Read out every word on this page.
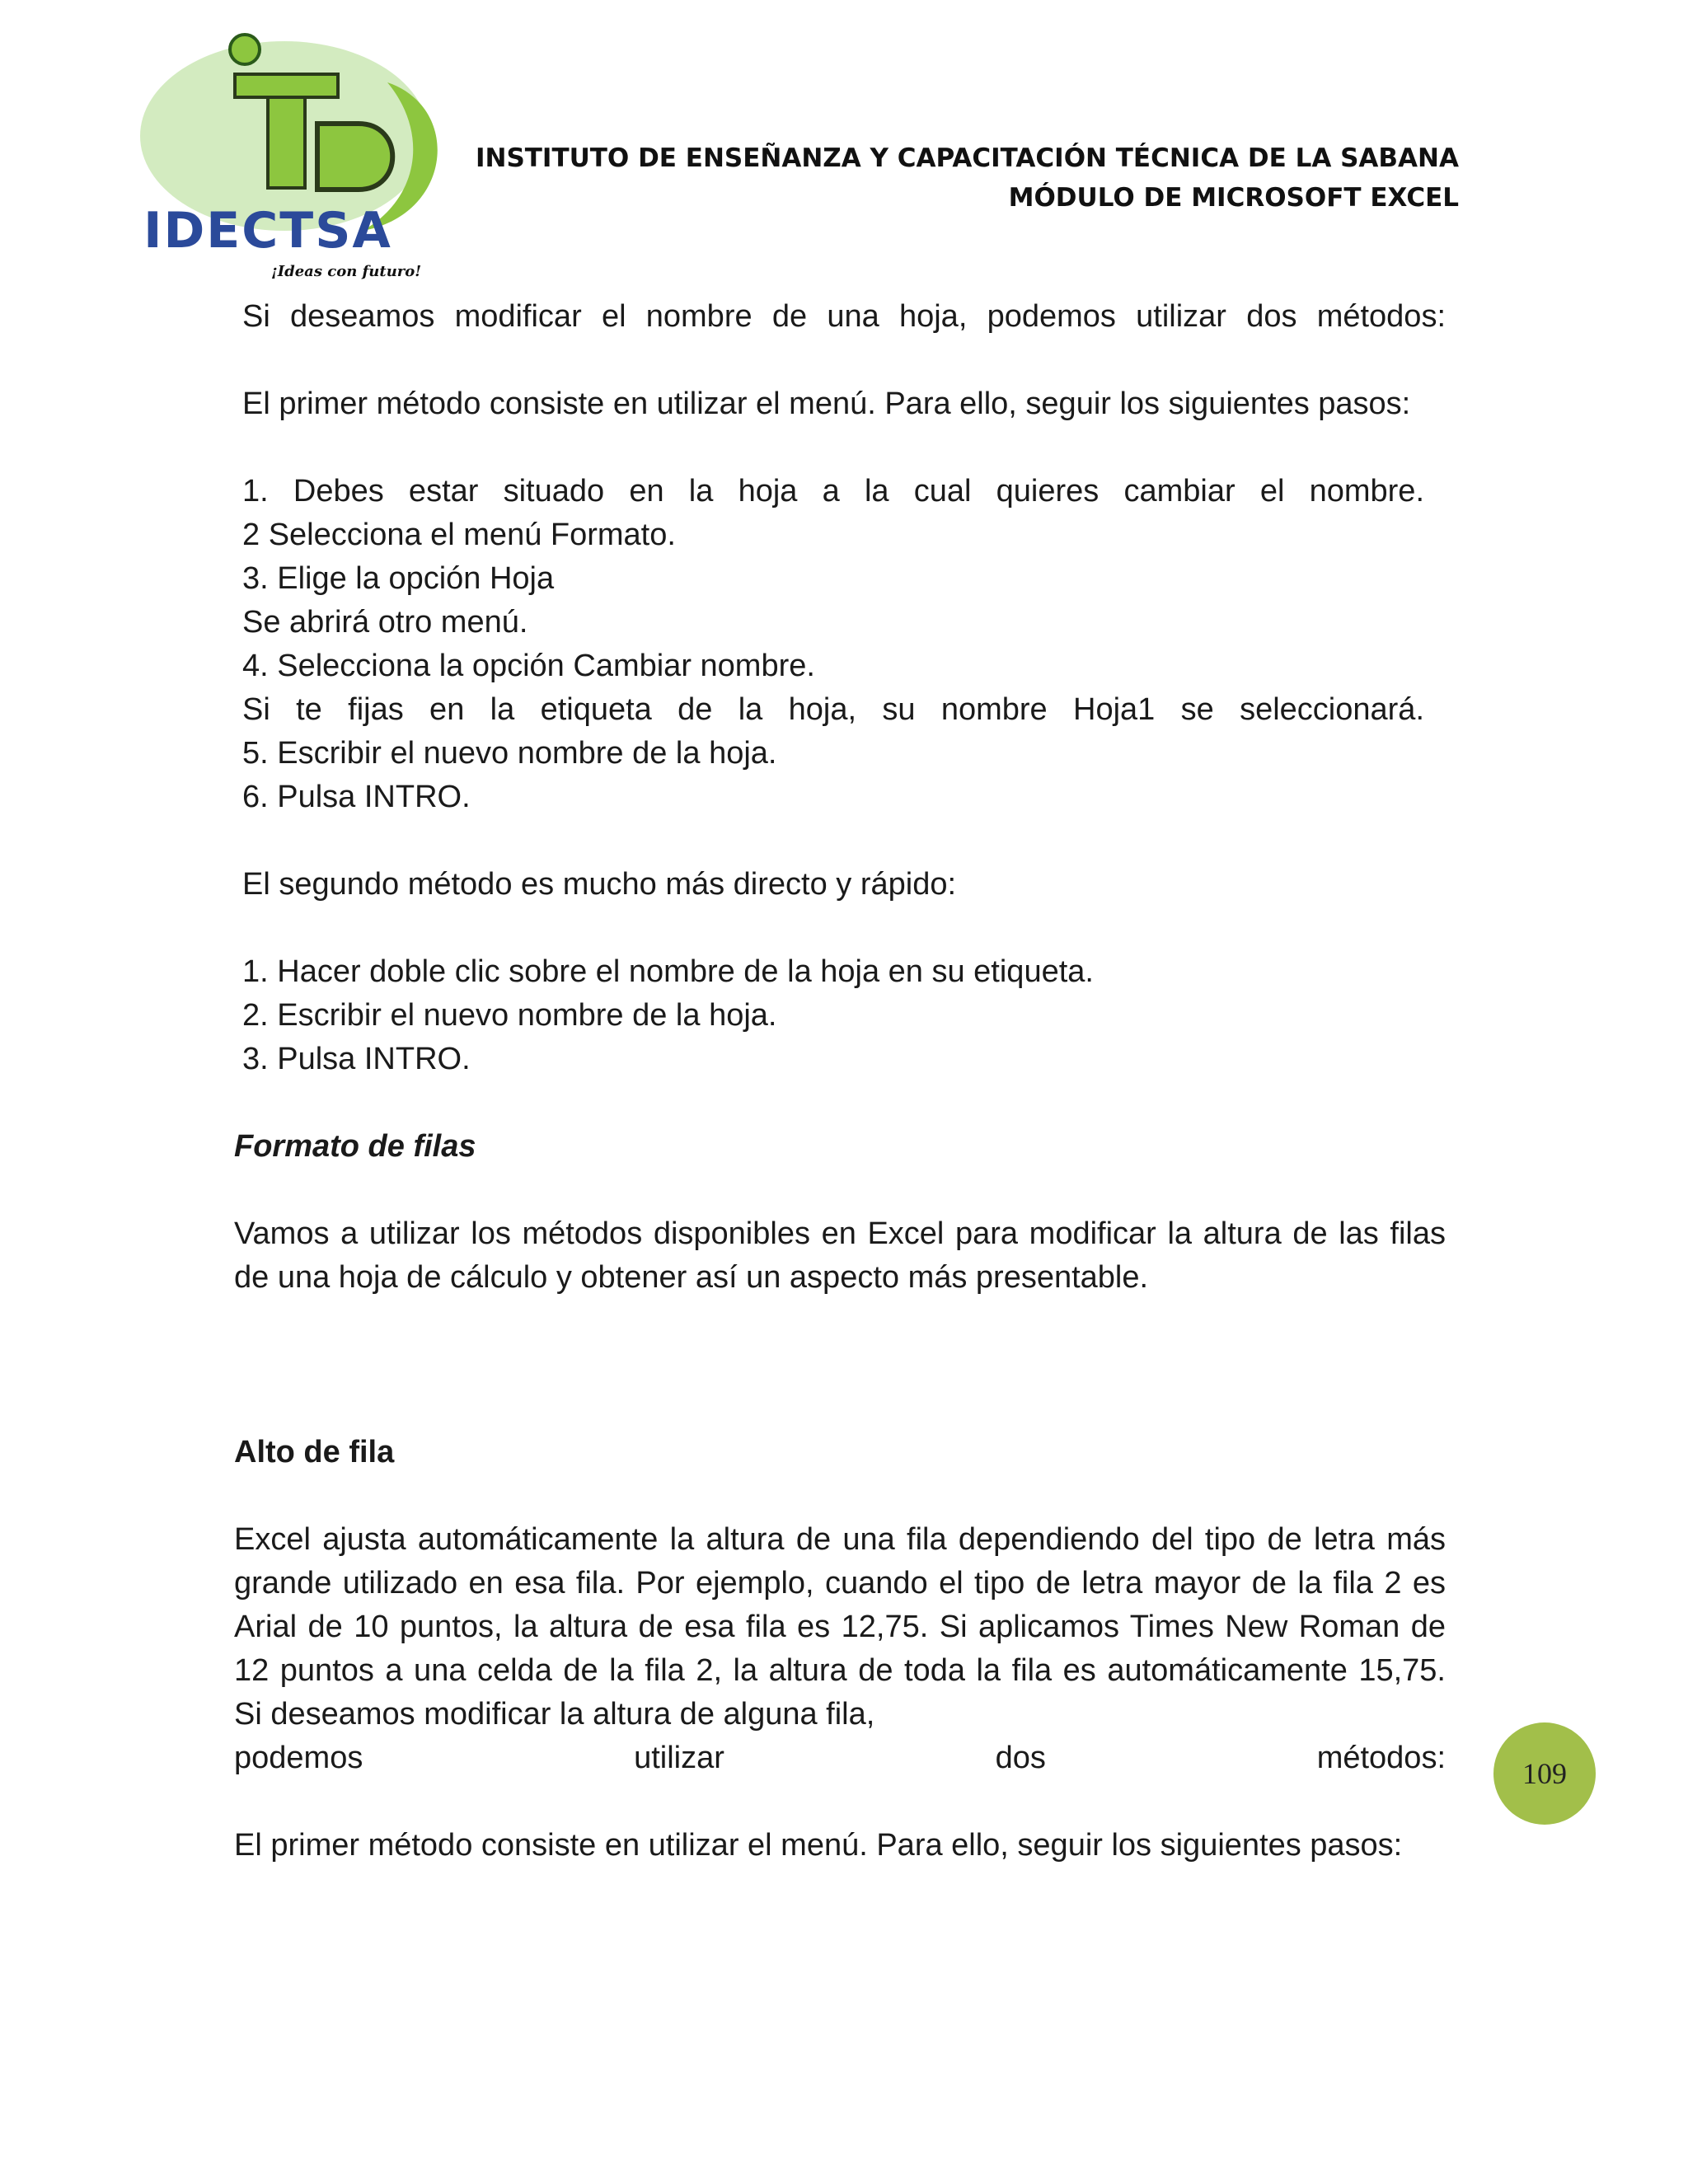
IDECTSA
¡Ideas con futuro!
INSTITUTO DE ENSEÑANZA Y CAPACITACIÓN TÉCNICA DE LA SABANA
MÓDULO DE MICROSOFT EXCEL

Si deseamos modificar el nombre de una hoja, podemos utilizar dos métodos:

El primer método consiste en utilizar el menú. Para ello, seguir los siguientes pasos:

1. Debes estar situado en la hoja a la cual quieres cambiar el nombre.

2 Selecciona el menú Formato.

3. Elige la opción Hoja

Se abrirá otro menú.

4. Selecciona la opción Cambiar nombre.

Si te fijas en la etiqueta de la hoja, su nombre Hoja1 se seleccionará.

5. Escribir el nuevo nombre de la hoja.

6. Pulsa INTRO.

El segundo método es mucho más directo y rápido:

1. Hacer doble clic sobre el nombre de la hoja en su etiqueta.

2. Escribir el nuevo nombre de la hoja.

3. Pulsa INTRO.

Formato de filas

Vamos a utilizar los métodos disponibles en Excel para modificar la altura de las filas de una hoja de cálculo y obtener así un aspecto más presentable.

Alto de fila

Excel ajusta automáticamente la altura de una fila dependiendo del tipo de letra más grande utilizado en esa fila. Por ejemplo, cuando el tipo de letra mayor de la fila 2 es Arial de 10 puntos, la altura de esa fila es 12,75. Si aplicamos Times New Roman de 12 puntos a una celda de la fila 2, la altura de toda la fila es automáticamente 15,75.           Si deseamos modificar la altura de alguna fila,

podemos utilizar dos métodos:

El primer método consiste en utilizar el menú. Para ello, seguir los siguientes pasos:

109
